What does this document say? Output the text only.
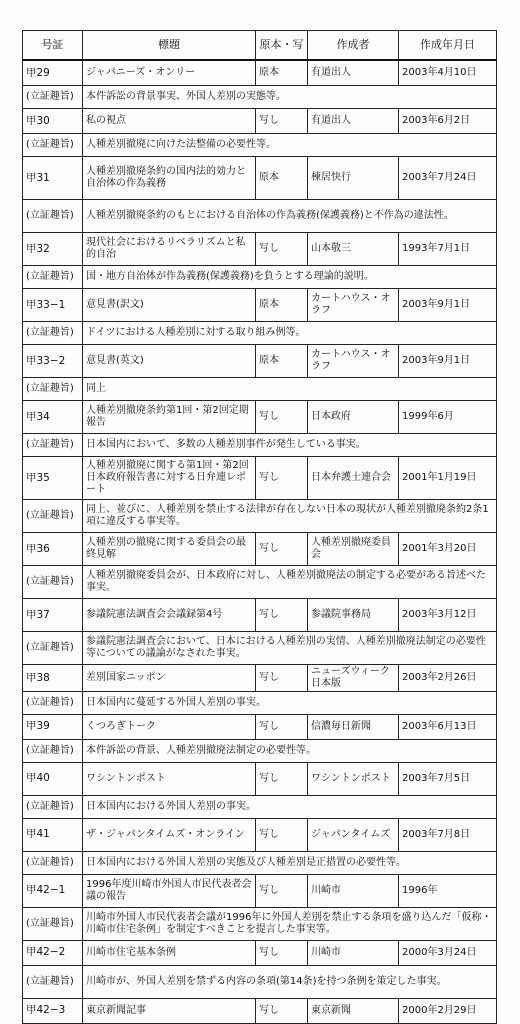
号証	標題	原本・写	作成者	作成年月日
甲29	ジャパニーズ・オンリー	原本	有道出人	2003年4月10日
(立証趣旨)	本件訴訟の背景事実、外国人差別の実態等。			
甲30	私の視点	写し	有道出人	2003年6月2日
(立証趣旨)	人種差別撤廃に向けた法整備の必要性等。			
甲31	人種差別撤廃条約の国内法的効力と自治体の作為義務	原本	棟居快行	2003年7月24日
(立証趣旨)	人種差別撤廃条約のもとにおける自治体の作為義務(保護義務)と不作為の違法性。			
甲32	現代社会におけるリベラリズムと私的自治	写し	山本敬三	1993年7月1日
(立証趣旨)	国・地方自治体が作為義務(保護義務)を負うとする理論的説明。			
甲33−1	意見書(訳文)	原本	カートハウス・オラフ	2003年9月1日
(立証趣旨)	ドイツにおける人種差別に対する取り組み例等。			
甲33−2	意見書(英文)	原本	カートハウス・オラフ	2003年9月1日
(立証趣旨)	同上			
甲34	人種差別撤廃条約第1回・第2回定期報告	写し	日本政府	1999年6月
(立証趣旨)	日本国内において、多数の人種差別事件が発生している事実。			
甲35	人種差別撤廃に関する第1回・第2回日本政府報告書に対する日弁連レポート	写し	日本弁護士連合会	2001年1月19日
(立証趣旨)	同上、並びに、人種差別を禁止する法律が存在しない日本の現状が人種差別撤廃条約2条1項に違反する事実等。			
甲36	人種差別の撤廃に関する委員会の最終見解	写し	人種差別撤廃委員会	2001年3月20日
(立証趣旨)	人種差別撤廃委員会が、日本政府に対し、人種差別撤廃法の制定する必要がある旨述べた事実。			
甲37	参議院憲法調査会会議録第4号	写し	参議院事務局	2003年3月12日
(立証趣旨)	参議院憲法調査会において、日本における人種差別の実情、人種差別撤廃法制定の必要性等についての議論がなされた事実。			
甲38	差別国家ニッポン	写し	ニューズウィーク日本版	2003年2月26日
(立証趣旨)	日本国内に蔓延する外国人差別の事実。			
甲39	くつろぎトーク	写し	信濃毎日新聞	2003年6月13日
(立証趣旨)	本件訴訟の背景、人種差別撤廃法制定の必要性等。			
甲40	ワシントンポスト	写し	ワシントンポスト	2003年7月5日
(立証趣旨)	日本国内における外国人差別の事実。			
甲41	ザ・ジャパンタイムズ・オンライン	写し	ジャパンタイムズ	2003年7月8日
(立証趣旨)	日本国内における外国人差別の実態及び人種差別是正措置の必要性等。			
甲42−1	1996年度川崎市外国人市民代表者会議の報告	写し	川崎市	1996年
(立証趣旨)	川崎市外国人市民代表者会議が1996年に外国人差別を禁止する条項を盛り込んだ「仮称・川崎市住宅条例」を制定すべきことを提言した事実等。			
甲42−2	川崎市住宅基本条例	写し	川崎市	2000年3月24日
(立証趣旨)	川崎市が、外国人差別を禁ずる内容の条項(第14条)を持つ条例を策定した事実。			
甲42−3	東京新聞記事	写し	東京新聞	2000年2月29日
